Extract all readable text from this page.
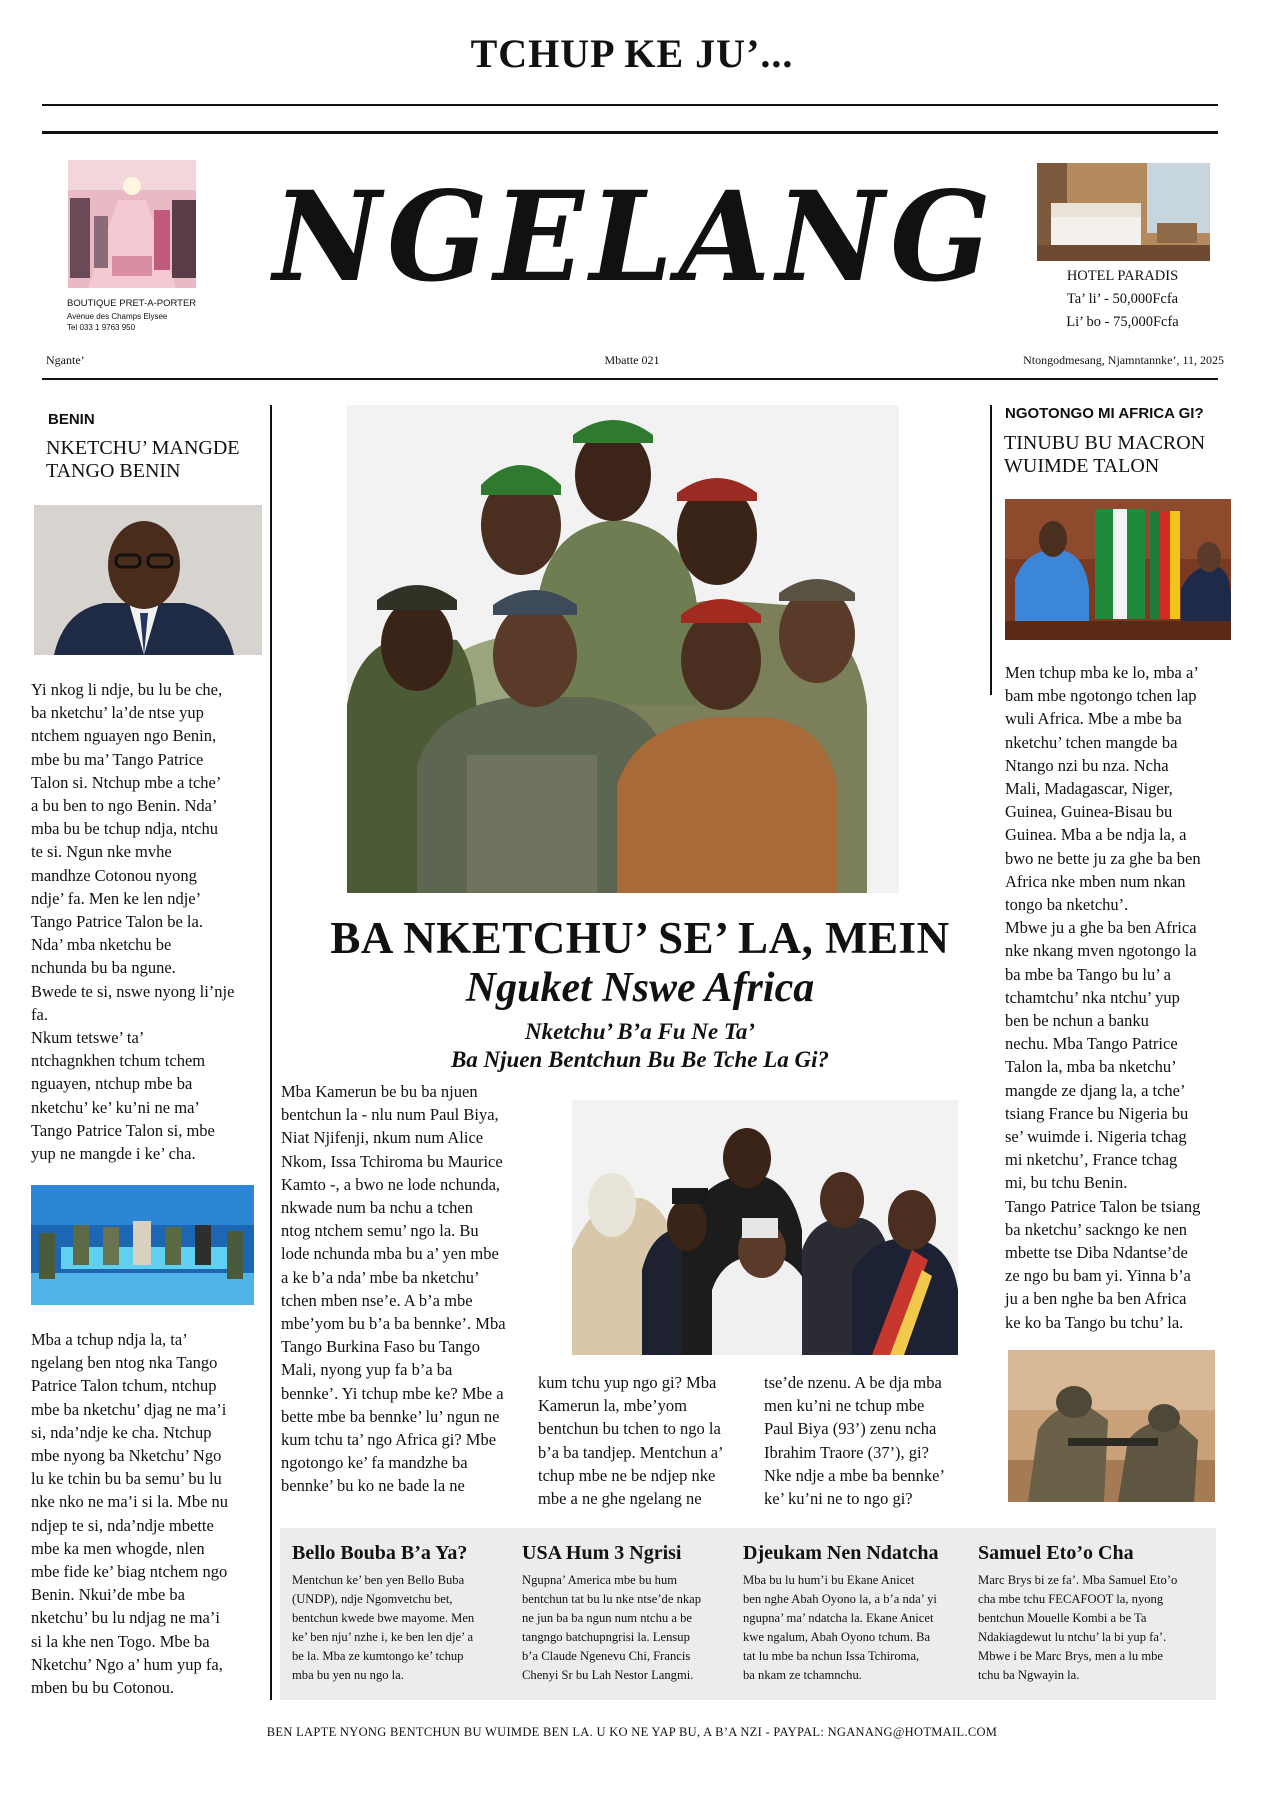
TCHUP KE JU’...
BOUTIQUE PRET-A-PORTER
Avenue des Champs Elysee
Tel 033 1 9763 950
NGELANG	HOTEL PARADIS
Ta’ li’ - 50,000Fcfa
Li’ bo - 75,000Fcfa
Ngante’	Mbatte 021	Ntongodmesang, Njamntannke’, 11, 2025
BENIN
NKETCHU’ MANGDE TANGO BENIN
Yi nkog li ndje, bu lu be che,
ba nketchu’ la’de ntse yup
ntchem nguayen ngo Benin,
mbe bu ma’ Tango Patrice
Talon si. Ntchup mbe a tche’
a bu ben to ngo Benin. Nda’
mba bu be tchup ndja, ntchu
te si. Ngun nke mvhe
mandhze Cotonou nyong
ndje’ fa. Men ke len ndje’
Tango Patrice Talon be la.
Nda’ mba nketchu be
nchunda bu ba ngune.
Bwede te si, nswe nyong li’nje
fa.
Nkum tetswe’ ta’
ntchagnkhen tchum tchem
nguayen, ntchup mbe ba
nketchu’ ke’ ku’ni ne ma’
Tango Patrice Talon si, mbe
yup ne mangde i ke’ cha.
Mba a tchup ndja la, ta’
ngelang ben ntog nka Tango
Patrice Talon tchum, ntchup
mbe ba nketchu’ djag ne ma’i
si, nda’ndje ke cha. Ntchup
mbe nyong ba Nketchu’ Ngo
lu ke tchin bu ba semu’ bu lu
nke nko ne ma’i si la. Mbe nu
ndjep te si, nda’ndje mbette
mbe ka men whogde, nlen
mbe fide ke’ biag ntchem ngo
Benin. Nkui’de mbe ba
nketchu’ bu lu ndjag ne ma’i
si la khe nen Togo. Mbe ba
Nketchu’ Ngo a’ hum yup fa,
mben bu bu Cotonou.
BA NKETCHU’ SE’ LA, MEIN
Nguket Nswe Africa
Nketchu’ B’a Fu Ne Ta’
Ba Njuen Bentchun Bu Be Tche La Gi?
Mba Kamerun be bu ba njuen
bentchun la - nlu num Paul Biya,
Niat Njifenji, nkum num Alice
Nkom, Issa Tchiroma bu Maurice
Kamto -, a bwo ne lode nchunda,
nkwade num ba nchu a tchen
ntog ntchem semu’ ngo la. Bu
lode nchunda mba bu a’ yen mbe
a ke b’a nda’ mbe ba nketchu’
tchen mben nse’e. A b’a mbe
mbe’yom bu b’a ba bennke’. Mba
Tango Burkina Faso bu Tango
Mali, nyong yup fa b’a ba
bennke’. Yi tchup mbe ke? Mbe a
bette mbe ba bennke’ lu’ ngun ne
kum tchu ta’ ngo Africa gi? Mbe
ngotongo ke’ fa mandzhe ba
bennke’ bu ko ne bade la ne
kum tchu yup ngo gi? Mba
Kamerun la, mbe’yom
bentchun bu tchen to ngo la
b’a ba tandjep. Mentchun a’
tchup mbe ne be ndjep nke
mbe a ne ghe ngelang ne
tse’de nzenu. A be dja mba
men ku’ni ne tchup mbe
Paul Biya (93’) zenu ncha
Ibrahim Traore (37’), gi?
Nke ndje a mbe ba bennke’
ke’ ku’ni ne to ngo gi?
NGOTONGO MI AFRICA GI?
TINUBU BU MACRON WUIMDE TALON
Men tchup mba ke lo, mba a’
bam mbe ngotongo tchen lap
wuli Africa. Mbe a mbe ba
nketchu’ tchen mangde ba
Ntango nzi bu nza. Ncha
Mali, Madagascar, Niger,
Guinea, Guinea-Bisau bu
Guinea. Mba a be ndja la, a
bwo ne bette ju za ghe ba ben
Africa nke mben num nkan
tongo ba nketchu’.
Mbwe ju a ghe ba ben Africa
nke nkang mven ngotongo la
ba mbe ba Tango bu lu’ a
tchamtchu’ nka ntchu’ yup
ben be nchun a banku
nechu. Mba Tango Patrice
Talon la, mba ba nketchu’
mangde ze djang la, a tche’
tsiang France bu Nigeria bu
se’ wuimde i. Nigeria tchag
mi nketchu’, France tchag
mi, bu tchu Benin.
Tango Patrice Talon be tsiang
ba nketchu’ sackngo ke nen
mbette tse Diba Ndantse’de
ze ngo bu bam yi. Yinna b’a
ju a ben nghe ba ben Africa
ke ko ba Tango bu tchu’ la.
Bello Bouba B’a Ya?
Mentchun ke’ ben yen Bello Buba
(UNDP), ndje Ngomvetchu bet,
bentchun kwede bwe mayome. Men
ke’ ben nju’ nzhe i, ke ben len dje’ a
be la. Mba ze kumtongo ke’ tchup
mba bu yen nu ngo la.
USA Hum 3 Ngrisi
Ngupna’ America mbe bu hum
bentchun tat bu lu nke ntse’de nkap
ne jun ba ba ngun num ntchu a be
tangngo batchupngrisi la. Lensup
b’a Claude Ngenevu Chi, Francis
Chenyi Sr bu Lah Nestor Langmi.
Djeukam Nen Ndatcha
Mba bu lu hum’i bu Ekane Anicet
ben nghe Abah Oyono la, a b’a nda’ yi
ngupna’ ma’ ndatcha la. Ekane Anicet
kwe ngalum, Abah Oyono tchum. Ba
tat lu mbe ba nchun Issa Tchiroma,
ba nkam ze tchamnchu.
Samuel Eto’o Cha
Marc Brys bi ze fa’. Mba Samuel Eto’o
cha mbe tchu FECAFOOT la, nyong
bentchun Mouelle Kombi a be Ta
Ndakiagdewut lu ntchu’ la bi yup fa’.
Mbwe i be Marc Brys, men a lu mbe
tchu ba Ngwayin la.
BEN LAPTE NYONG BENTCHUN BU WUIMDE BEN LA. U KO NE YAP BU, A B’A NZI - PAYPAL: NGANANG@HOTMAIL.COM
